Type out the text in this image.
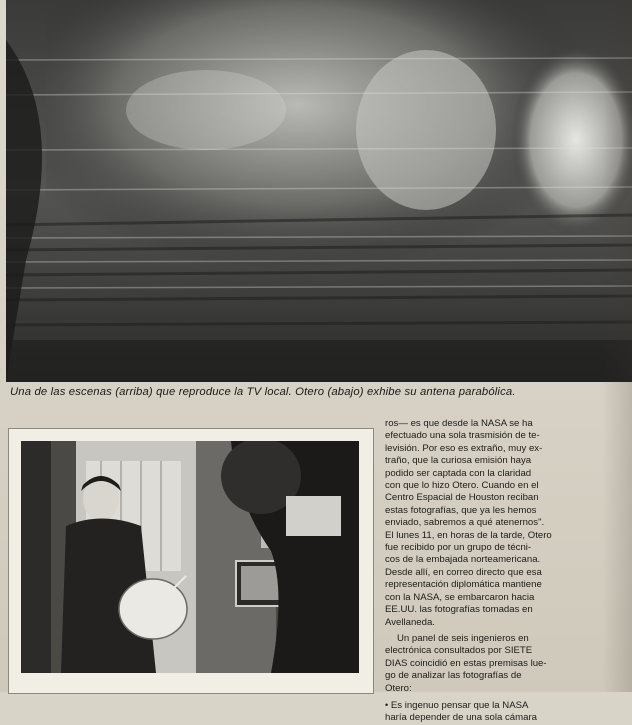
Una de las escenas (arriba) que reproduce la TV local. Otero (abajo) exhibe su antena parabólica.

ros— es que desde la NASA se ha
efectuado una sola trasmisión de te-
levisión. Por eso es extraño, muy ex-
traño, que la curiosa emisión haya
podido ser captada con la claridad
con que lo hizo Otero. Cuando en el
Centro Espacial de Houston reciban
estas fotografías, que ya les hemos
enviado, sabremos a qué atenernos".
El lunes 11, en horas de la tarde, Otero
fue recibido por un grupo de técni-
cos de la embajada norteamericana.
Desde allí, en correo directo que esa
representación diplomática mantiene
con la NASA, se embarcaron hacia
EE.UU. las fotografías tomadas en
Avellaneda.

Un panel de seis ingenieros en
electrónica consultados por SIETE
DIAS coincidió en estas premisas lue-
go de analizar las fotografías de
Otero:

• Es ingenuo pensar que la NASA
haría depender de una sola cámara
